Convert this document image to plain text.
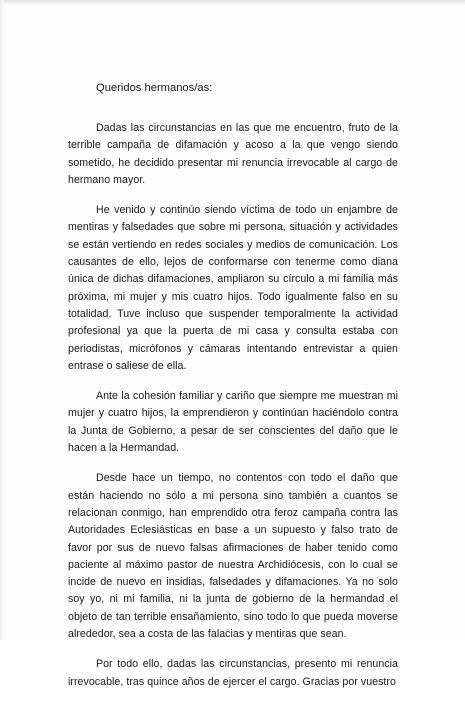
Queridos hermanos/as:

Dadas las circunstancias en las que me encuentro, fruto de la terrible campaña de difamación y acoso a la que vengo siendo sometido, he decidido presentar mi renuncia irrevocable al cargo de hermano mayor.

He venido y continúo siendo víctima de todo un enjambre de mentiras y falsedades que sobre mi persona, situación y actividades se están vertiendo en redes sociales y medios de comunicación. Los causantes de ello, lejos de conformarse con tenerme como diana única de dichas difamaciones, ampliaron su círculo a mi familia más próxima, mi mujer y mis cuatro hijos. Todo igualmente falso en su totalidad. Tuve incluso que suspender temporalmente la actividad profesional ya que la puerta de mi casa y consulta estaba con periodistas, micrófonos y cámaras intentando entrevistar a quien entrase o saliese de ella.

Ante la cohesión familiar y cariño que siempre me muestran mi mujer y cuatro hijos, la emprendieron y continúan haciéndolo contra la Junta de Gobierno, a pesar de ser conscientes del daño que le hacen a la Hermandad.

Desde hace un tiempo, no contentos con todo el daño que están haciendo no sólo a mi persona sino también a cuantos se relacionan conmigo, han emprendido otra feroz campaña contra las Autoridades Eclesiásticas en base a un supuesto y falso trato de favor por sus de nuevo falsas afirmaciones de haber tenido como paciente al máximo pastor de nuestra Archidiócesis, con lo cual se incide de nuevo en insidias, falsedades y difamaciones. Ya no solo soy yo, ni mi familia, ni la junta de gobierno de la hermandad el objeto de tan terrible ensañamiento, sino todo lo que pueda moverse alrededor, sea a costa de las falacias y mentiras que sean.

Por todo ello, dadas las circunstancias, presento mi renuncia irrevocable, tras quince años de ejercer el cargo. Gracias por vuestro
